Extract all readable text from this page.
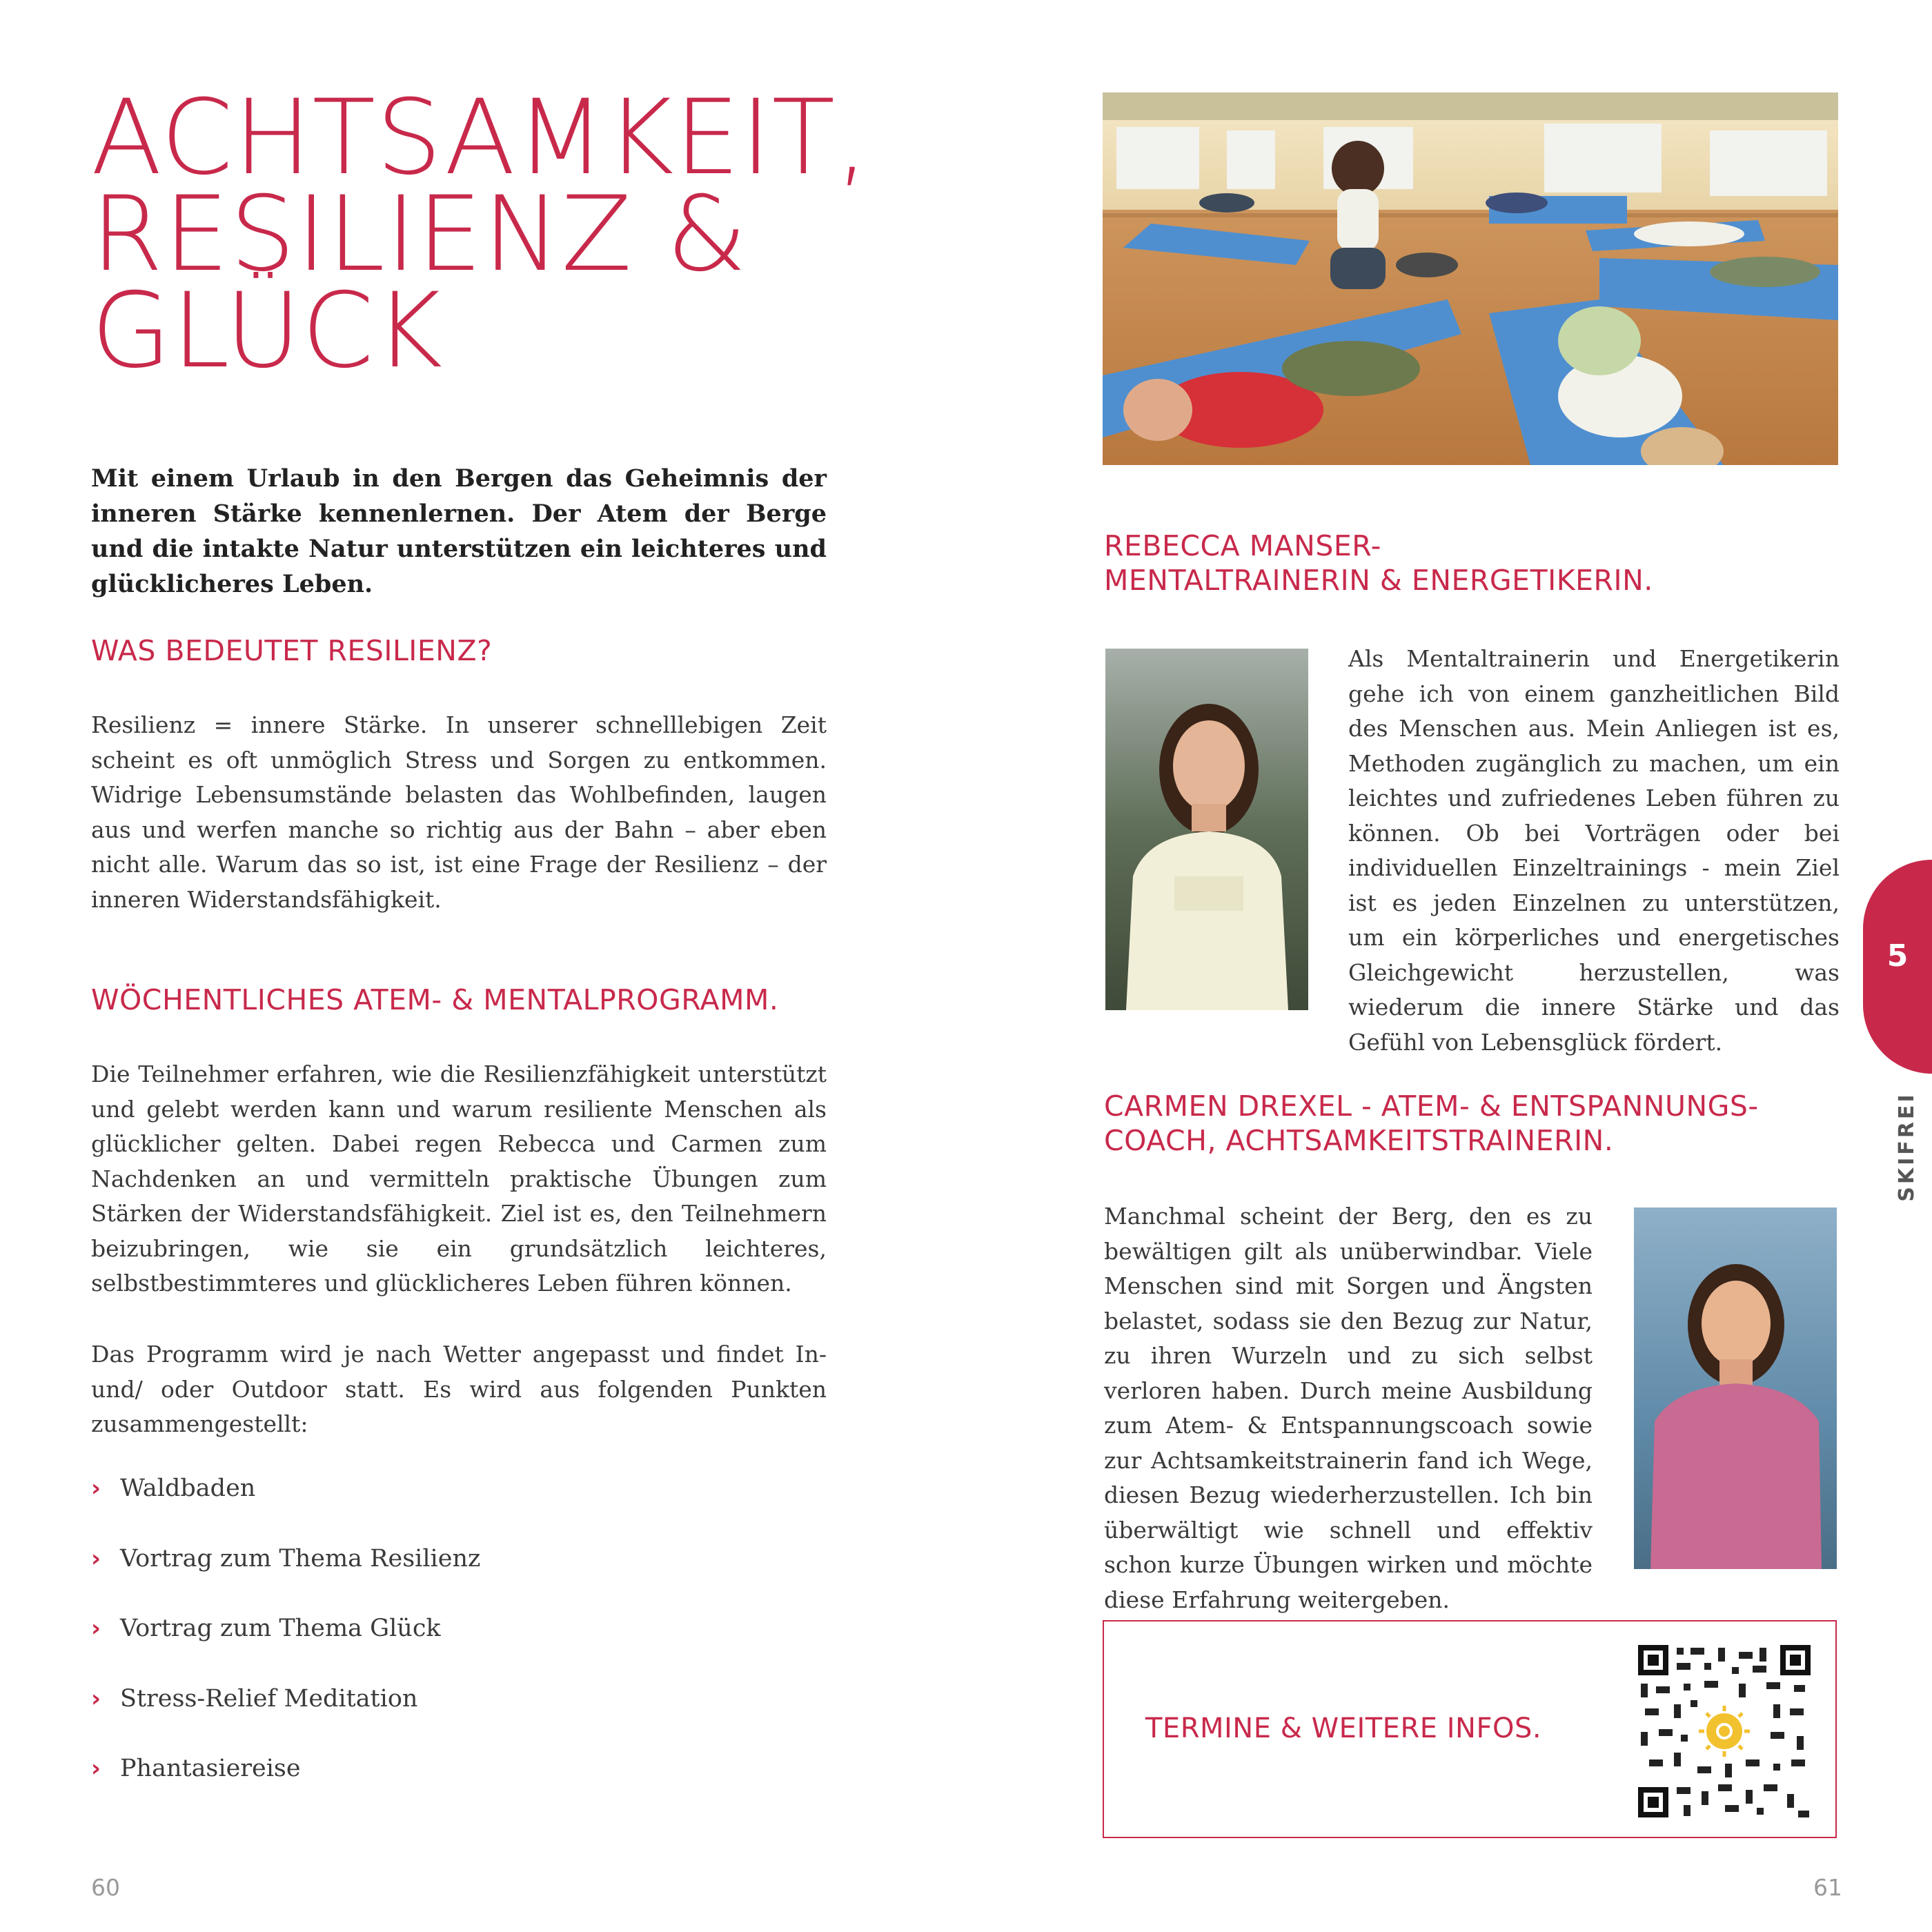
ACHTSAMKEIT,
RESILIENZ &
GLÜCK
Mit einem Urlaub in den Bergen das Geheimnis der inneren Stärke kennenlernen. Der Atem der Berge und die intakte Natur unterstützen ein leichteres und glücklicheres Leben.
WAS BEDEUTET RESILIENZ?
Resilienz = innere Stärke. In unserer schnelllebigen Zeit scheint es oft unmöglich Stress und Sorgen zu entkommen. Widrige Lebensumstände belasten das Wohlbefinden, laugen aus und werfen manche so richtig aus der Bahn – aber eben nicht alle. Warum das so ist, ist eine Frage der Resilienz – der inneren Widerstandsfähigkeit.
WÖCHENTLICHES ATEM- & MENTALPROGRAMM.
Die Teilnehmer erfahren, wie die Resilienzfähigkeit unterstützt und gelebt werden kann und warum resiliente Menschen als glücklicher gelten. Dabei regen Rebecca und Carmen zum Nachdenken an und vermitteln praktische Übungen zum Stärken der Widerstandsfähigkeit. Ziel ist es, den Teilnehmern beizubringen, wie sie ein grundsätzlich leichteres, selbstbestimmteres und glücklicheres Leben führen können.
Das Programm wird je nach Wetter angepasst und findet In- und/ oder Outdoor statt. Es wird aus folgenden Punkten zusammengestellt:
› Waldbaden
› Vortrag zum Thema Resilienz
› Vortrag zum Thema Glück
› Stress-Relief Meditation
› Phantasiereise
60
REBECCA MANSER-
MENTALTRAINERIN & ENERGETIKERIN.
Als Mentaltrainerin und Energetikerin gehe ich von einem ganzheitlichen Bild des Menschen aus. Mein Anliegen ist es, Methoden zugänglich zu machen, um ein leichtes und zufriedenes Leben führen zu können. Ob bei Vorträgen oder bei individuellen Einzeltrainings - mein Ziel ist es jeden Einzelnen zu unterstützen, um ein körperliches und energetisches Gleichgewicht herzustellen, was wiederum die innere Stärke und das Gefühl von Lebensglück fördert.
CARMEN DREXEL - ATEM- & ENTSPANNUNGS-
COACH, ACHTSAMKEITSTRAINERIN.
Manchmal scheint der Berg, den es zu bewältigen gilt als unüberwindbar. Viele Menschen sind mit Sorgen und Ängsten belastet, sodass sie den Bezug zur Natur, zu ihren Wurzeln und zu sich selbst verloren haben. Durch meine Ausbildung zum Atem- & Entspannungscoach sowie zur Achtsamkeitstrainerin fand ich Wege, diesen Bezug wiederherzustellen. Ich bin überwältigt wie schnell und effektiv schon kurze Übungen wirken und möchte diese Erfahrung weitergeben.
TERMINE & WEITERE INFOS.
61
5
SKIFREI
